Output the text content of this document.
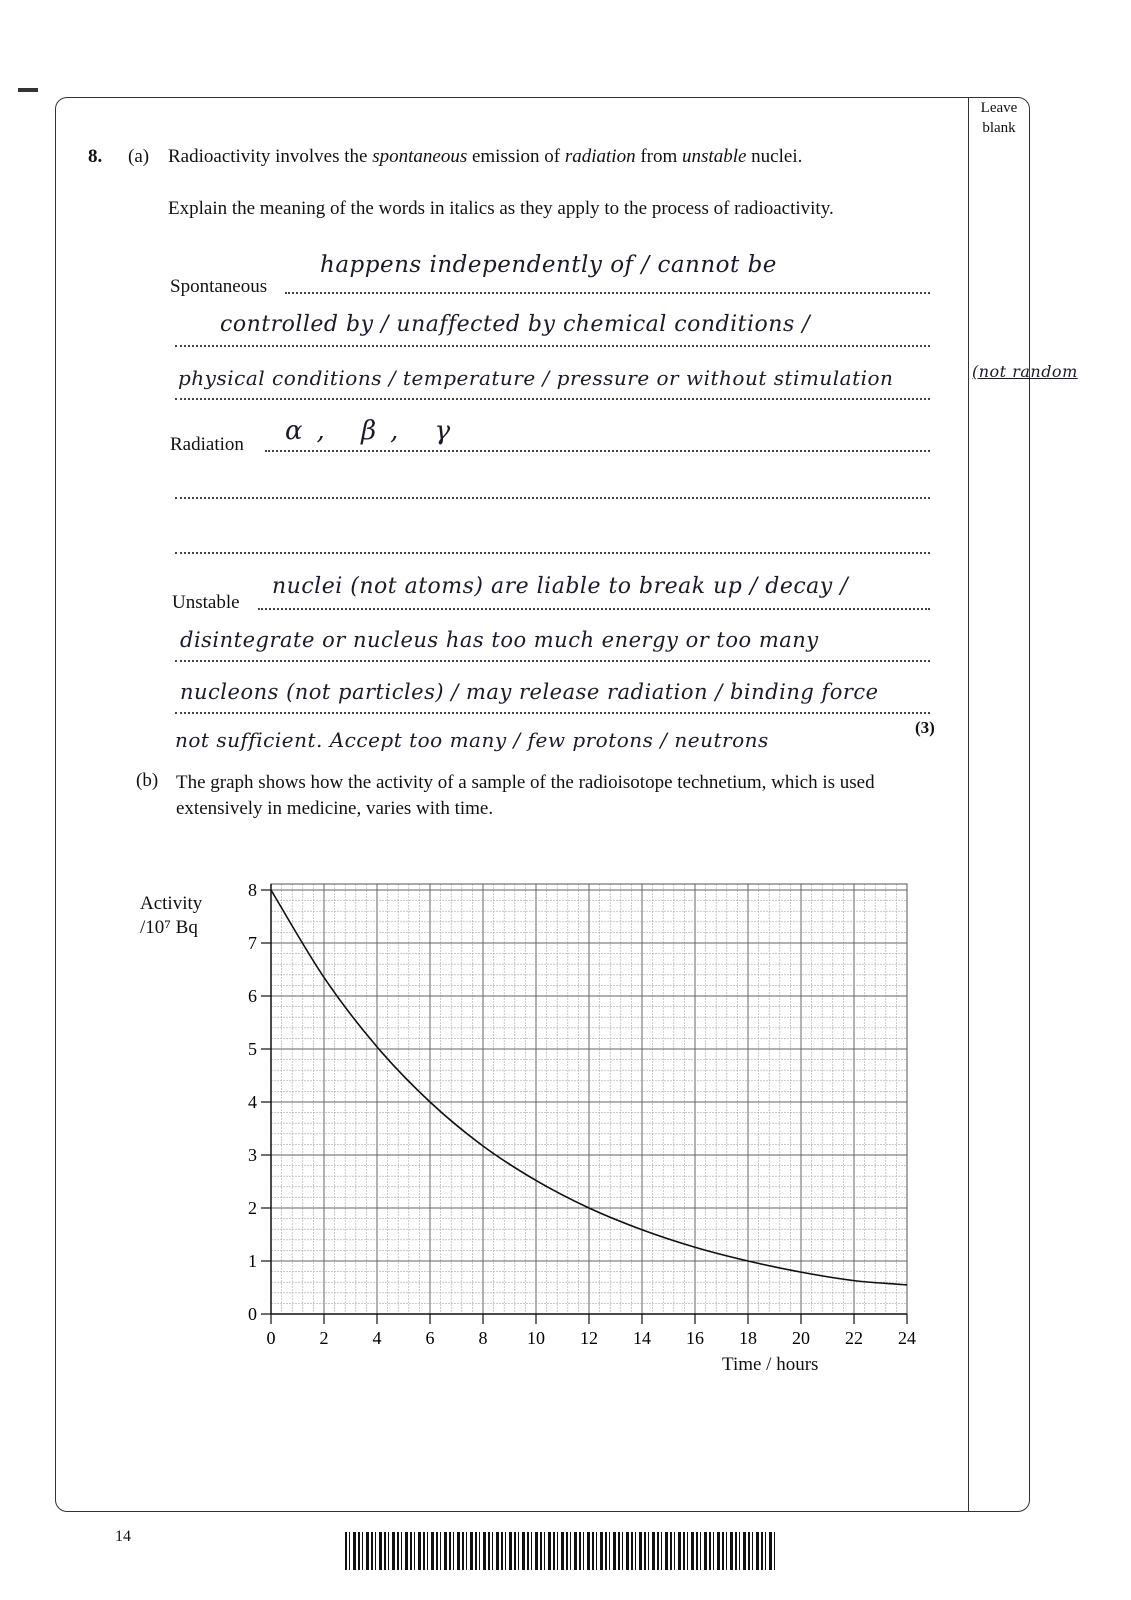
Leave blank
8. (a) Radioactivity involves the spontaneous emission of radiation from unstable nuclei.
Explain the meaning of the words in italics as they apply to the process of radioactivity.
Spontaneous
happens independently of / cannot be
controlled by / unaffected by chemical conditions /
physical conditions / temperature / pressure or without stimulation	(not random
Radiation α, β, γ
Unstable
nuclei (not atoms) are liable to break up / decay /
disintegrate or nucleus has too much energy or too many
nucleons (not particles) / may release radiation / binding force
not sufficient. Accept too many / few protons / neutrons
(3)
(b) The graph shows how the activity of a sample of the radioisotope technetium, which is used extensively in medicine, varies with time.
Activity
/10⁷ Bq
0
1
2
3
4
5
6
7
8
0 2 4 6 8 10 12 14 16 18 20 22 24
Time / hours
14
